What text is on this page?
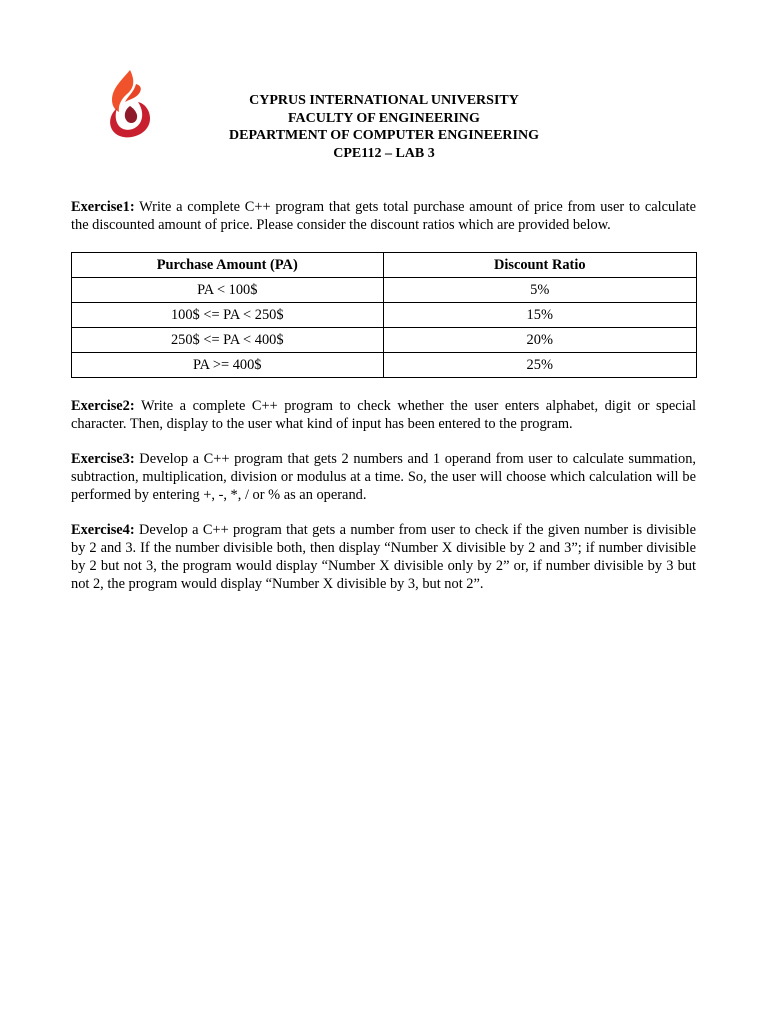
CYPRUS INTERNATIONAL UNIVERSITY
FACULTY OF ENGINEERING
DEPARTMENT OF COMPUTER ENGINEERING
CPE112 – LAB 3

Exercise1: Write a complete C++ program that gets total purchase amount of price from user to calculate the discounted amount of price. Please consider the discount ratios which are provided below.

Purchase Amount (PA)	Discount Ratio
PA < 100$	5%
100$ <= PA < 250$	15%
250$ <= PA < 400$	20%
PA >= 400$	25%

Exercise2: Write a complete C++ program to check whether the user enters alphabet, digit or special character. Then, display to the user what kind of input has been entered to the program.

Exercise3: Develop a C++ program that gets 2 numbers and 1 operand from user to calculate summation, subtraction, multiplication, division or modulus at a time. So, the user will choose which calculation will be performed by entering +, -, *, / or % as an operand.

Exercise4: Develop a C++ program that gets a number from user to check if the given number is divisible by 2 and 3. If the number divisible both, then display “Number X divisible by 2 and 3”; if number divisible by 2 but not 3, the program would display “Number X divisible only by 2” or, if number divisible by 3 but not 2, the program would display “Number X divisible by 3, but not 2”.
